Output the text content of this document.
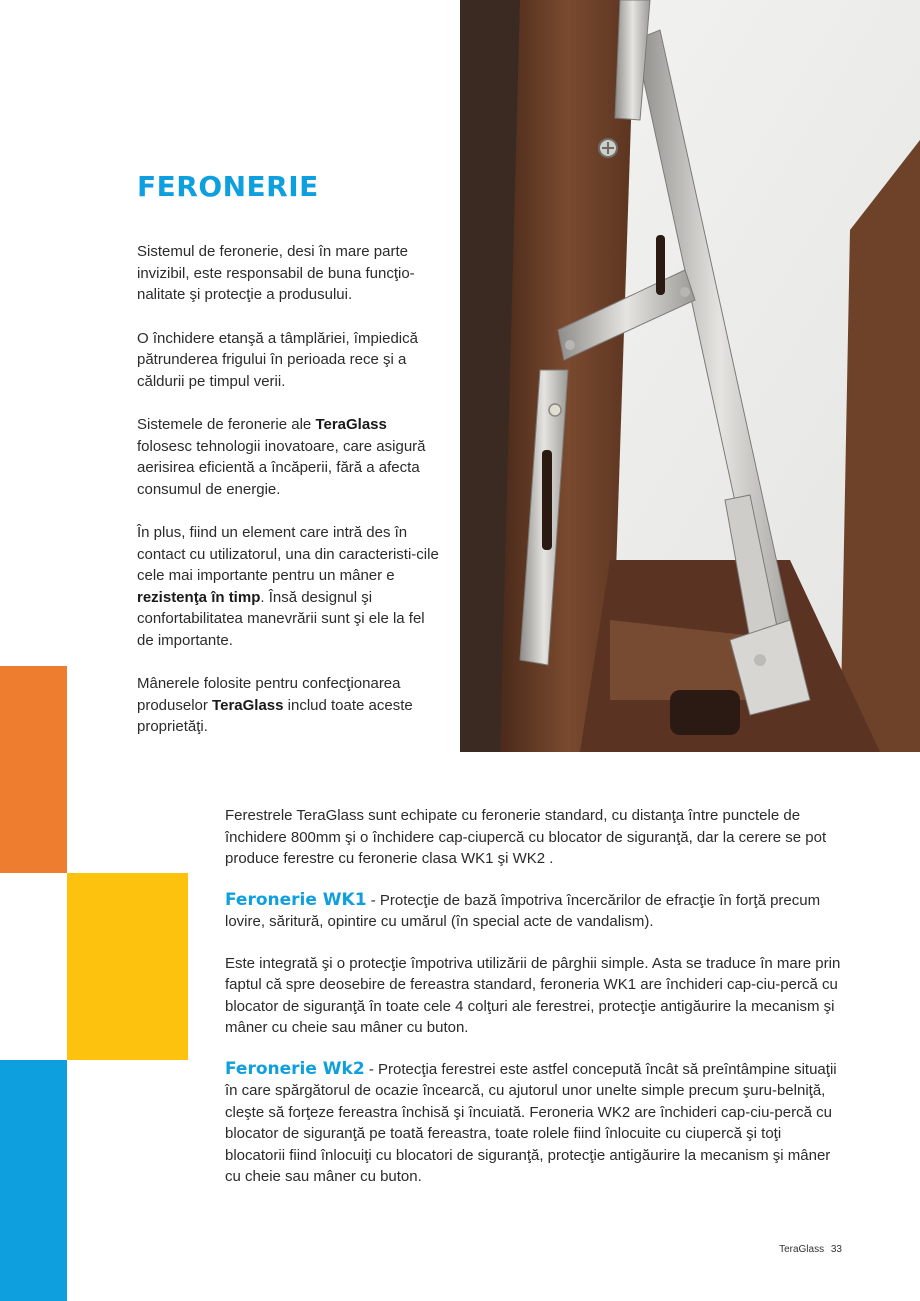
FERONERIE

Sistemul de feronerie, desi în mare parte invizibil, este responsabil de buna funcţio-nalitate şi protecţie a produsului.

O închidere etanşă a tâmplăriei, împiedică pătrunderea frigului în perioada rece şi a căldurii pe timpul verii.

Sistemele de feronerie ale TeraGlass folosesc tehnologii inovatoare, care asigură aerisirea eficientă a încăperii, fără a afecta consumul de energie.

În plus, fiind un element care intră des în contact cu utilizatorul, una din caracteristi-cile cele mai importante pentru un mâner e rezistenţa în timp. Însă designul şi confortabilitatea manevrării sunt şi ele la fel de importante.

Mânerele folosite pentru confecţionarea produselor TeraGlass includ toate aceste proprietăţi.

Ferestrele TeraGlass sunt echipate cu feronerie standard, cu distanţa între punctele de închidere 800mm şi o închidere cap-ciupercă cu blocator de siguranţă, dar la cerere se pot produce ferestre cu feronerie clasa WK1 şi WK2 .

Feronerie WK1 - Protecţie de bază împotriva încercărilor de efracţie în forţă precum lovire, săritură, opintire cu umărul (în special acte de vandalism).

Este integrată şi o protecţie împotriva utilizării de pârghii simple. Asta se traduce în mare prin faptul că spre deosebire de fereastra standard, feroneria WK1 are închideri cap-ciu-percă cu blocator de siguranţă în toate cele 4 colţuri ale ferestrei, protecţie antigăurire la mecanism şi mâner cu cheie sau mâner cu buton.

Feronerie Wk2 - Protecţia ferestrei este astfel concepută încât să preîntâmpine situaţii în care spărgătorul de ocazie încearcă, cu ajutorul unor unelte simple precum şuru-belniţă, cleşte să forţeze fereastra închisă şi încuiată. Feroneria WK2 are închideri cap-ciu-percă cu blocator de siguranţă pe toată fereastra, toate rolele fiind înlocuite cu ciupercă şi toţi blocatorii fiind înlocuiţi cu blocatori de siguranţă, protecţie antigăurire la mecanism şi mâner cu cheie sau mâner cu buton.

TeraGlass 33
